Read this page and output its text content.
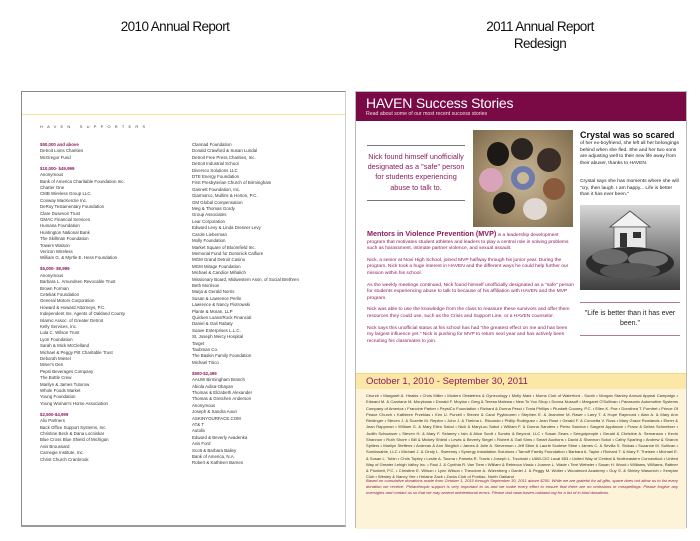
2010 Annual Report	2011 Annual Report
Redesign
HAVEN SUPPORTERS
$50,000 and above
Detroit Lions Charities
McGregor Fund
$10,000- $49,999
Anonymous
Bank of America Charitable Foundation Inc.
Charter One
CMB Wireless Group LLC.
Conway MacKenzie Inc.
DeRoy Testamentary Foundation
Clare Dusevoir Trust
GMAC Financial Services
Humana Foundation
Huntington National Bank
The Skillman Foundation
Towers Watson
Verizon Wireless
William G. & Myrtle E. Hess Foundation
$5,000- $9,999
Anonymous
Barbara L. Amundsen Revocable Trust
Brown Forman
Ceteliak Foundation
General Motors Corporation
Howard & Howard Attorneys, P.C.
Independent Ins. Agents of Oakland County
Islamic Assoc. of Greater Detroit
Kelly Services, Inc.
Lula C. Wilson Trust
Lyon Foundation
Sarah & Mick McClelland
Michael & Peggy Pitt Charitable Trust
Deborah Miesel
Miner's Den
Pepsi Beverages Company
The Bottle Crew
Marilyn & James Tutorow
Whole Foods Market
Young Foundation
Young Woman's Home Association
$2,500-$4,999
Alix Partners
Back Office Support Systems, Inc.
Christine Beck & Dana Locniskar
Blue Cross Blue Shield of Michigan
Avis Broussard
Carnegie Institute, Inc.
Christ Church Cranbrook
Clannad Foundation
Donald Crawford & Susan Lundal
Detroit Free Press Charities, Inc.
Detroit Industrial School
Diversco Solutions LLC
DTE Energy Foundation
First Presbyterian Church of Birmingham
Gannett Foundation, Inc.
Giarmarco, Mullins & Horton, P.C.
GM Global Compensation
Meg & Thomas Gordy
Group Associates
Lear Corporation
Edward Levy & Linda Dresner Levy
Carole Lieberman
Molly Foundation
Market Square of Bloomfield Inc.
Memorial Fund for Dominick Calfiore
MGM Grand Detroit Casino
MGM Mirage Foundation
Michael & Candice Mihalich
Missionary Board, Midwestern Assn. of Social Brethren
Beth Morrison
Marja & Gerald Norris
Susan & Lawrence Perlin
Lawrence & Nancy Piotrowski
Plante & Moran, LLP
Quicken Loans/Rock Financial
Daniel & Gail Rabaty
Soave Enterprises L.L.C.
St. Joseph Mercy Hospital
Target
Taubman Co.
The Baskin Family Foundation
Michael Tirico
$500-$2,499
AAUW Birmingham Branch
Abiola Adisa-Obayan
Thomas & Elizabeth Alexander
Thomas & Gretchen Anderson
Anonymous
Joseph & Sandra Aoun
ASKINYOURFACE.COM
AT& T
Autoliv
Edward & Beverly Avadenka
Avis Ford
Scott & Barbara Bailey
Bank of America, N.A.
Robert & Kathleen Barnes
HAVEN Success Stories
Read about some of our most recent success stories
Nick found himself unofficially designated as a "safe" person for students experiencing abuse to talk to.
Crystal was so scared
of her ex-boyfriend, she left all her belongings behind when she fled. She and her two sons are adjusting well to their new life away from their abuser, thanks to HAVEN.
Crystal says she has moments where she will "cry, then laugh. I am happy... Life is better than it has ever been."
"Life is better than it has ever been."

Mentors in Violence Prevention (MVP) is a leadership development program that motivates student athletes and leaders to play a central role in solving problems such as harassment, intimate partner violence, and sexual assault.

Nick, a senior at Novi High School, joined MVP halfway through his junior year. During the program, Nick took a huge interest in HAVEN and the different ways he could help further our mission within his school.

As the weekly meetings continued, Nick found himself unofficially designated as a "safe" person for students experiencing abuse to talk to because of his affiliation with HAVEN and the MVP program.

Nick was able to use the knowledge from the class to reassure these survivors and offer them resources they could use, such as the Crisis and Support Line, or a HAVEN counselor.

Nick says this unofficial status at his school has had "the greatest effect on me and has been my largest influence yet." Nick is pushing for MVP to return next year and has actively been recruiting his classmates to join.

October 1, 2010 - September 30, 2011
Church • Margaret A. Heakis • Chris Miller • Modern Obstetrics & Gynecology • Molly Maid • Moms Club of Waterford - South • Morgan Stanley Annual Appeal Campaign • Edward M. & Carolane M. Morykwas • Donald F. Moylan • Greg & Teresa Malewa • New To You Shop • Donna Nussoff • Margaret O'Sullivan • Panasonic Automotive Systems Company of America • Francine Parker • PepsiCo Foundation • Richard & Donna Pesci • Tonia Phillips • Plunkett Cooney, P.C. • Ellen K. Poe • Dorothea T. Pomfret • Prince Of Peace Church • Kathleen Przeklas • Kim U. Purcell • Steven & Carol Pyykkonen • Stephen E. & Jeannine M. Rawe • Larry T. & Hope Raymond • Alan A. & Mary Ann Reidinger • Steven J. & Suzette M. Repitor • John J. & Thelma L. Riccardo • Phillip Rodriguez • Jean Rose • Gerald F. & Concetta V. Ross • Mary Grace Rowlands • Elmer & Jean Rappman • William G. & Mary Ellen Sabol • Nick & MaryLou Sabol • William F. & Donna Sanders • Pietro Sarcina • Sargent Appliance • Franz & Debra Schneitzer • Judith Schwarzer • Steven H. & Mary F. Selaney • Iain & Alice Scott • Scrubs & Beyond, LLC • Susan Sears • Seegotpeople • Gerald & Christine A. Semanson • Kevin Shannon • Ruth Shore • Bill & Mickey Shield • Lewis & Beverly Siegel • Robert & Gail Sims • Smart Auctions • David & Shannon Sokol • Cathy Sparling • Andrew & Sharon Spillers • Marilyn Steffens • Andreas & Ann Steglich • James & Julie A. Stevenson • Jeff Stine & Laurie Scotese Stine • James C. & Sevilla S. Stokas • Suzanne M. Sullivan • Sunkissable, LLC • Michael J. & Cindy L. Sweeney • Synergy Installation Solutions • Tarnoff Family Foundation • Barbara A. Taylor • Richard T. & Mary F. Theisen • Michael E. & Susan L. Tobin • Chris Topley • Leslie A. Touma • Pamela R. Travis • Joseph L. Trzcinski • UAW-CIO Local 653 • United Way of Central & Northeastern Connecticut • United Way of Greater Lehigh Valley Inc. • Paul J. & Cynthia R. Van Tiem • William & Rebecca Vlasic • Joanne L. Wade • Terri Webster • Susan H. Wood • Williams, Williams, Rattner & Plunkett, P.C. • Christine E. Wilson • Lynn Wilson • Theodore A. Wizenberg • Daniel J. & Peggy M. Wolter • Woodmont Academy • Guy S. & Shirley Wasonich • Xemplar Club • Wesley & Nancy Yee • Helaine Zack • Zonta Club of Pontiac- North Oakland
Based on cumulative donations made from October 1, 2010 through September 30, 2011 above $250. While we are grateful for all gifts, space does not allow us to list every donation we receive. Philanthropic support is very important to us and we make every effort to ensure that there are no omissions or misspellings. Please forgive any oversights and contact us so that we may amend unintentional errors. Please visit www.haven-oakland.org for a list of in-kind donations.
